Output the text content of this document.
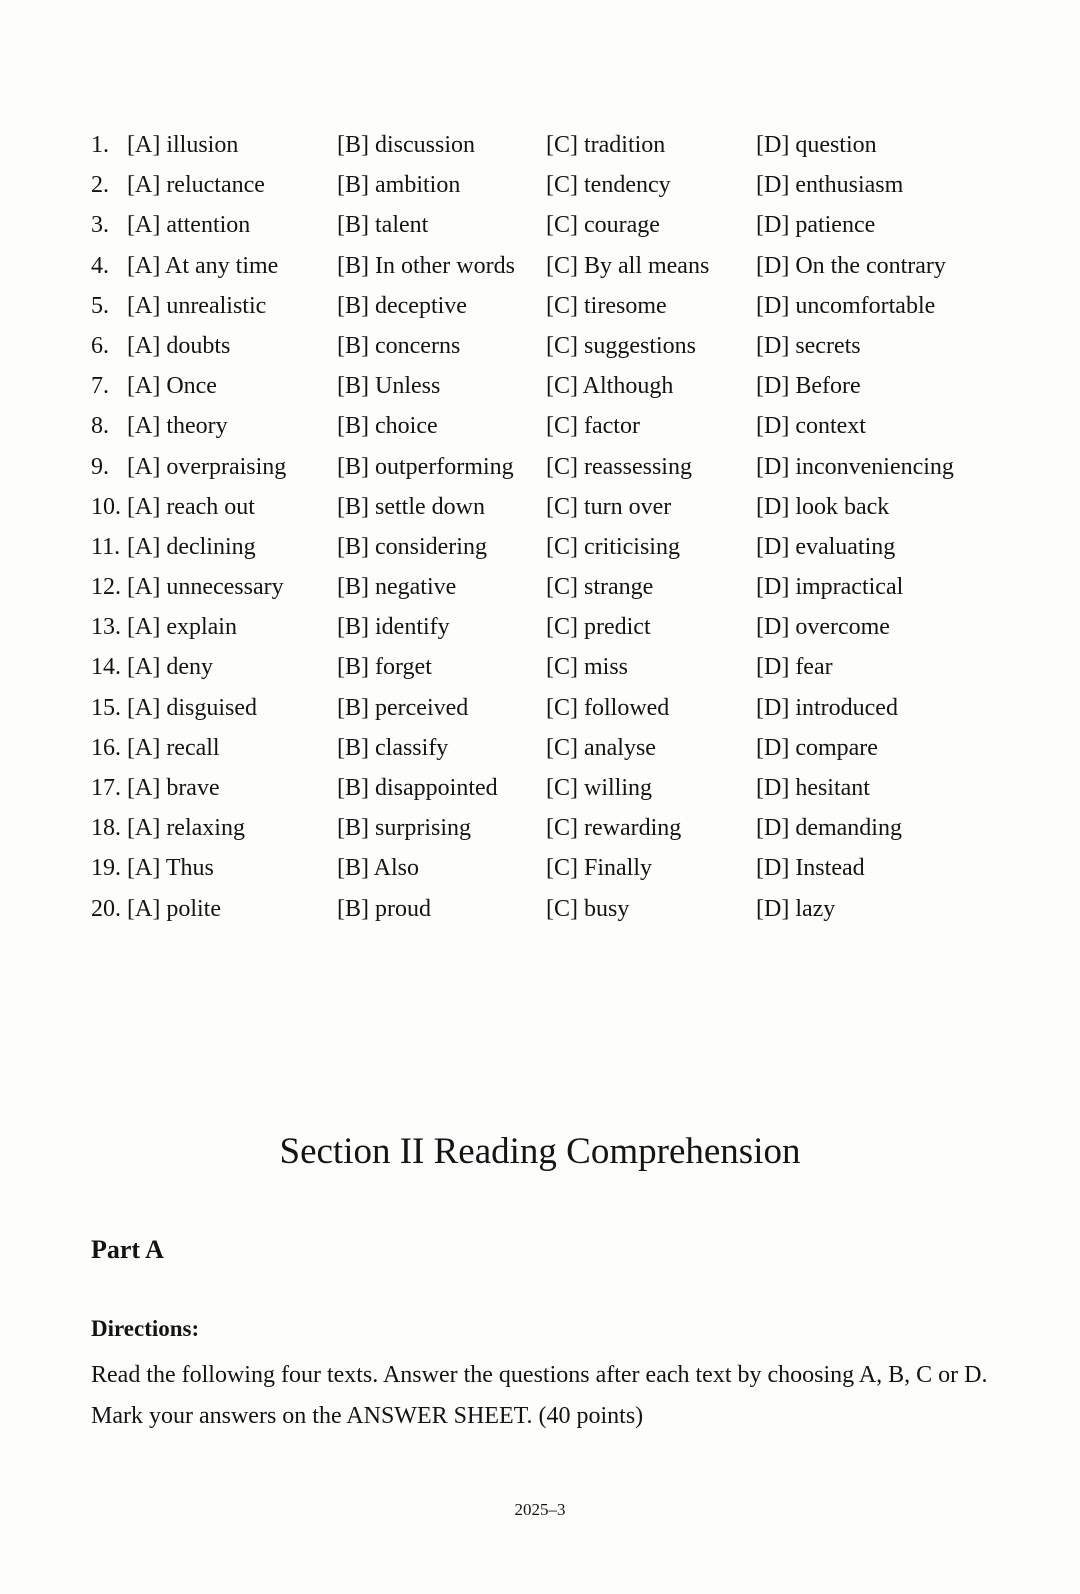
1. [A] illusion	[B] discussion	[C] tradition	[D] question
2. [A] reluctance	[B] ambition	[C] tendency	[D] enthusiasm
3. [A] attention	[B] talent	[C] courage	[D] patience
4. [A] At any time [B] In other words [C] By all means [D] On the contrary
5. [A] unrealistic	[B] deceptive	[C] tiresome	[D] uncomfortable
6. [A] doubts	[B] concerns	[C] suggestions	[D] secrets
7. [A] Once	[B] Unless	[C] Although	[D] Before
8. [A] theory	[B] choice	[C] factor	[D] context
9. [A] overpraising [B] outperforming [C] reassessing	[D] inconveniencing
10. [A] reach out	[B] settle down	[C] turn over	[D] look back
11. [A] declining	[B] considering [C] criticising	[D] evaluating
12. [A] unnecessary [B] negative	[C] strange	[D] impractical
13. [A] explain	[B] identify	[C] predict	[D] overcome
14. [A] deny	[B] forget	[C] miss	[D] fear
15. [A] disguised	[B] perceived	[C] followed	[D] introduced
16. [A] recall	[B] classify	[C] analyse	[D] compare
17. [A] brave	[B] disappointed [C] willing	[D] hesitant
18. [A] relaxing	[B] surprising	[C] rewarding	[D] demanding
19. [A] Thus	[B] Also	[C] Finally	[D] Instead
20. [A] polite	[B] proud	[C] busy	[D] lazy
Section II Reading Comprehension
Part A
Directions:
Read the following four texts. Answer the questions after each text by choosing A, B, C or D. Mark your answers on the ANSWER SHEET. (40 points)
2025–3
